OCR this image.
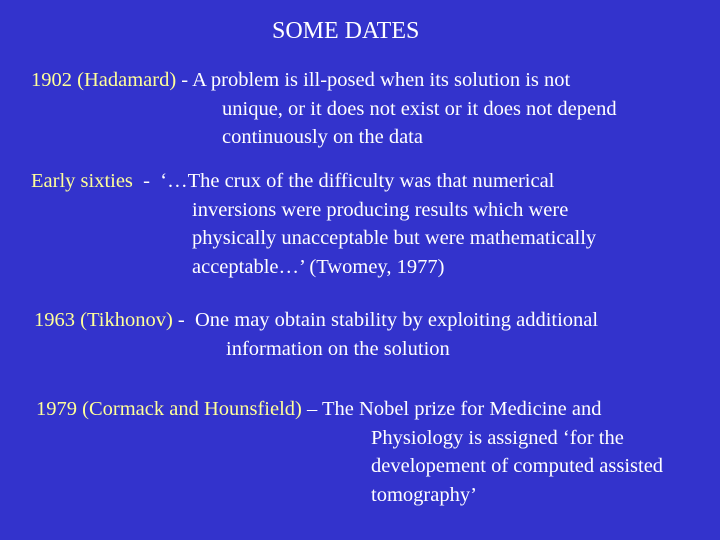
SOME DATES
1902 (Hadamard) - A problem is ill-posed when its solution is not
unique, or it does not exist or it does not depend
continuously on the data
Early sixties  -  ‘…The crux of the difficulty was that numerical
inversions were producing results which were
physically unacceptable but were mathematically
acceptable…’ (Twomey, 1977)
1963 (Tikhonov) -  One may obtain stability by exploiting additional
information on the solution
1979 (Cormack and Hounsfield) – The Nobel prize for Medicine and
Physiology is assigned ‘for the
developement of computed assisted
tomography’
